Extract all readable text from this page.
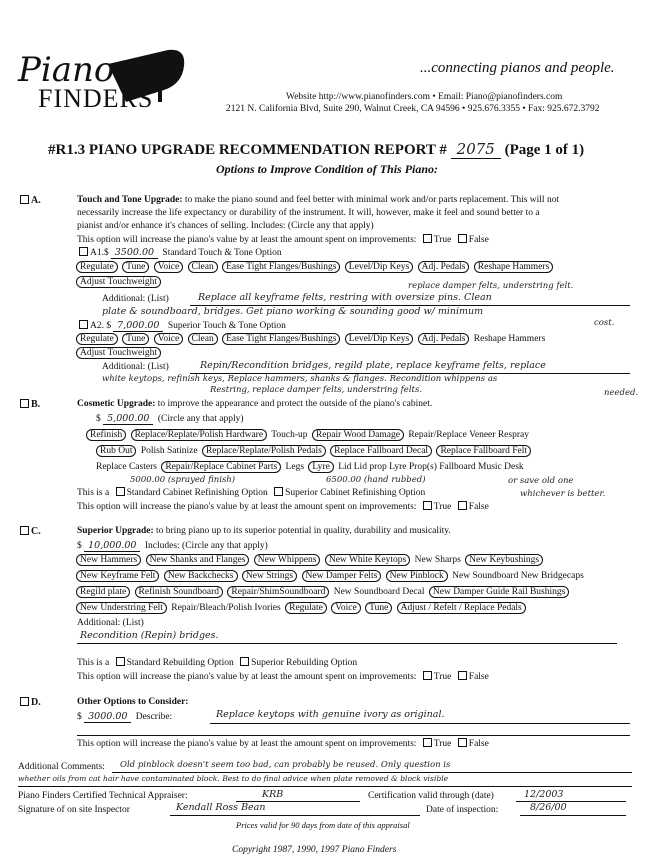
Piano
FINDERS
...connecting pianos and people.
Website http://www.pianofinders.com • Email: Piano@pianofinders.com
2121 N. California Blvd, Suite 290, Walnut Creek, CA 94596 • 925.676.3355 • Fax: 925.672.3792
#R1.3 PIANO UPGRADE RECOMMENDATION REPORT # 2075 (Page 1 of 1)
Options to Improve Condition of This Piano:
A.	Touch and Tone Upgrade: to make the piano sound and feel better with minimal work and/or parts replacement. This will not
necessarily increase the life expectancy or durability of the instrument. It will, however, make it feel and sound better to a
pianist and/or enhance it's chances of selling. Includes: (Circle any that apply)
This option will increase the piano's value by at least the amount spent on improvements: True False
A1.$ 3500.00 Standard Touch & Tone Option
Regulate Tune Voice Clean Ease Tight Flanges/Bushings Level/Dip Keys Adj. Pedals Reshape Hammers
Adjust Touchweight	replace damper felts, understring felt.
Additional: (List)	Replace all keyframe felts, restring with oversize pins. Clean
plate & soundboard, bridges. Get piano working & sounding good w/ minimum
cost.
A2. $ 7,000.00 Superior Touch & Tone Option
Regulate Tune Voice Clean Ease Tight Flanges/Bushings Level/Dip Keys Adj. Pedals Reshape Hammers
Adjust Touchweight
Additional: (List)	Repin/Recondition bridges, regild plate, replace keyframe felts, replace
white keytops, refinish keys, Replace hammers, shanks & flanges. Recondition whippens as
Restring, replace damper felts, understring felts.	needed.
B.	Cosmetic Upgrade: to improve the appearance and protect the outside of the piano's cabinet.
$ 5,000.00 (Circle any that apply)
Refinish Replace/Replate/Polish Hardware Touch-up Repair Wood Damage Repair/Replace Veneer Respray
Rub Out Polish Satinize Replace/Replate/Polish Pedals Replace Fallboard Decal Replace Fallboard Felt
Replace Casters Repair/Replace Cabinet Parts Legs Lyre Lid Lid prop Lyre Prop(s) Fallboard Music Desk
5000.00 (sprayed finish)	6500.00 (hand rubbed)	or save old one
whichever is better.
This is a Standard Cabinet Refinishing Option Superior Cabinet Refinishing Option
This option will increase the piano's value by at least the amount spent on improvements: True False
C.	Superior Upgrade: to bring piano up to its superior potential in quality, durability and musicality.
$ 10,000.00 Includes: (Circle any that apply)
New Hammers New Shanks and Flanges New Whippens New White Keytops New Sharps New Keybushings
New Keyframe Felt New Backchecks New Strings New Damper Felts New Pinblock New Soundboard New Bridgecaps
Regild plate Refinish Soundboard Repair/ShimSoundboard New Soundboard Decal New Damper Guide Rail Bushings
New Understring Felt Repair/Bleach/Polish Ivories Regulate Voice Tune Adjust / Refelt / Replace Pedals
Additional: (List)
Recondition (Repin) bridges.
This is a Standard Rebuilding Option Superior Rebuilding Option
This option will increase the piano's value by at least the amount spent on improvements: True False
D.	Other Options to Consider:
$ 3000.00 Describe:	Replace keytops with genuine ivory as original.
This option will increase the piano's value by at least the amount spent on improvements: True False
Additional Comments: Old pinblock doesn't seem too bad, can probably be reused. Only question is
whether oils from cat hair have contaminated block. Best to do final advice when plate removed & block visible
Piano Finders Certified Technical Appraiser:	KRB	Certification valid through (date)	12/2003
Signature of on site Inspector	Kendall Ross Bean	Date of inspection:	8/26/00
Prices valid for 90 days from date of this appraisal
Copyright 1987, 1990, 1997 Piano Finders
